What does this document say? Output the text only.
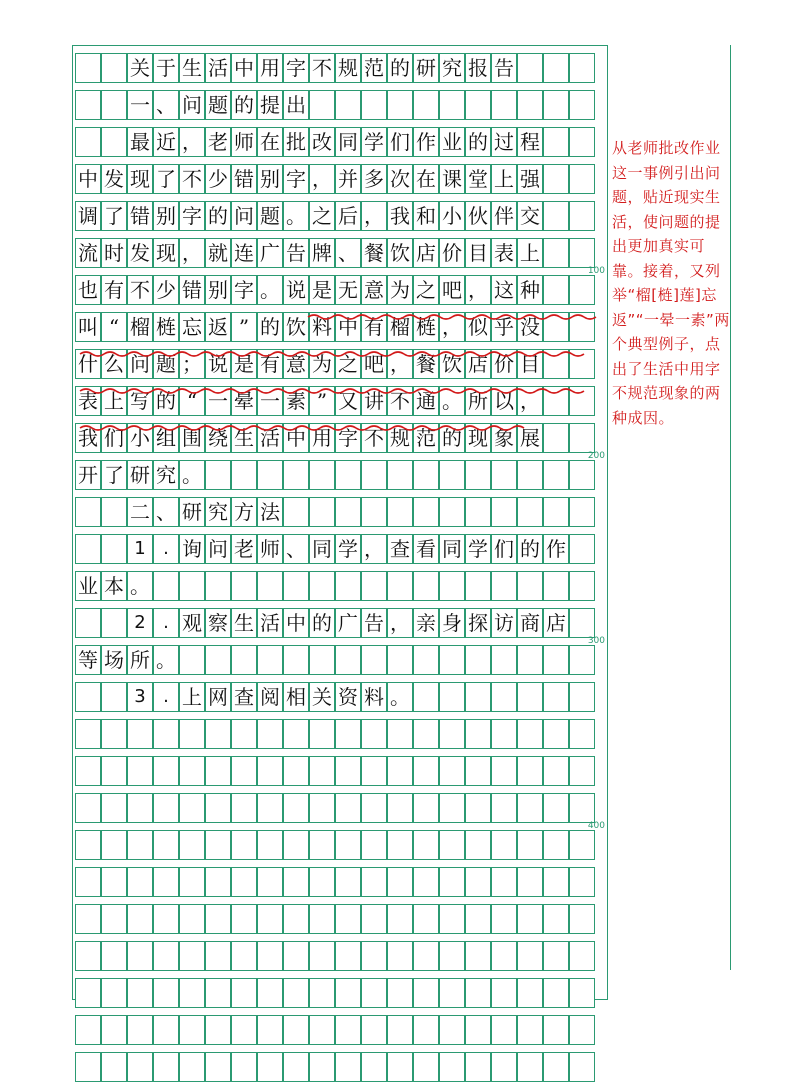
关 于 生 活 中 用 字 不 规 范 的 研 究 报 告
一 、 问 题 的 提 出
最 近 ， 老 师 在 批 改 同 学 们 作 业 的 过 程
中 发 现 了 不 少 错 别 字 ， 并 多 次 在 课 堂 上 强
调 了 错 别 字 的 问 题 。 之 后 ， 我 和 小 伙 伴 交
流 时 发 现 ， 就 连 广 告 牌 、 餐 饮 店 价 目 表 上
也 有 不 少 错 别 字 。 说 是 无 意 为 之 吧 ， 这 种
叫 “ 榴 梿 忘 返 ” 的 饮 料 中 有 榴 梿 ， 似 乎 没
什 么 问 题 ； 说 是 有 意 为 之 吧 ， 餐 饮 店 价 目
表 上 写 的 “ 一 晕 一 素 ” 又 讲 不 通 。 所 以 ，
我 们 小 组 围 绕 生 活 中 用 字 不 规 范 的 现 象 展
开 了 研 究 。
二 、 研 究 方 法
1 . 询 问 老 师 、 同 学 ， 查 看 同 学 们 的 作
业 本 。
2 . 观 察 生 活 中 的 广 告 ， 亲 身 探 访 商 店
等 场 所 。
3 . 上 网 查 阅 相 关 资 料 。
100
200
300
400
从老师批改作业这一事例引出问题，贴近现实生活，使问题的提出更加真实可靠。接着，又列举“榴[梿]莲]忘返”“一晕一素”两个典型例子，点出了生活中用字不规范现象的两种成因。
